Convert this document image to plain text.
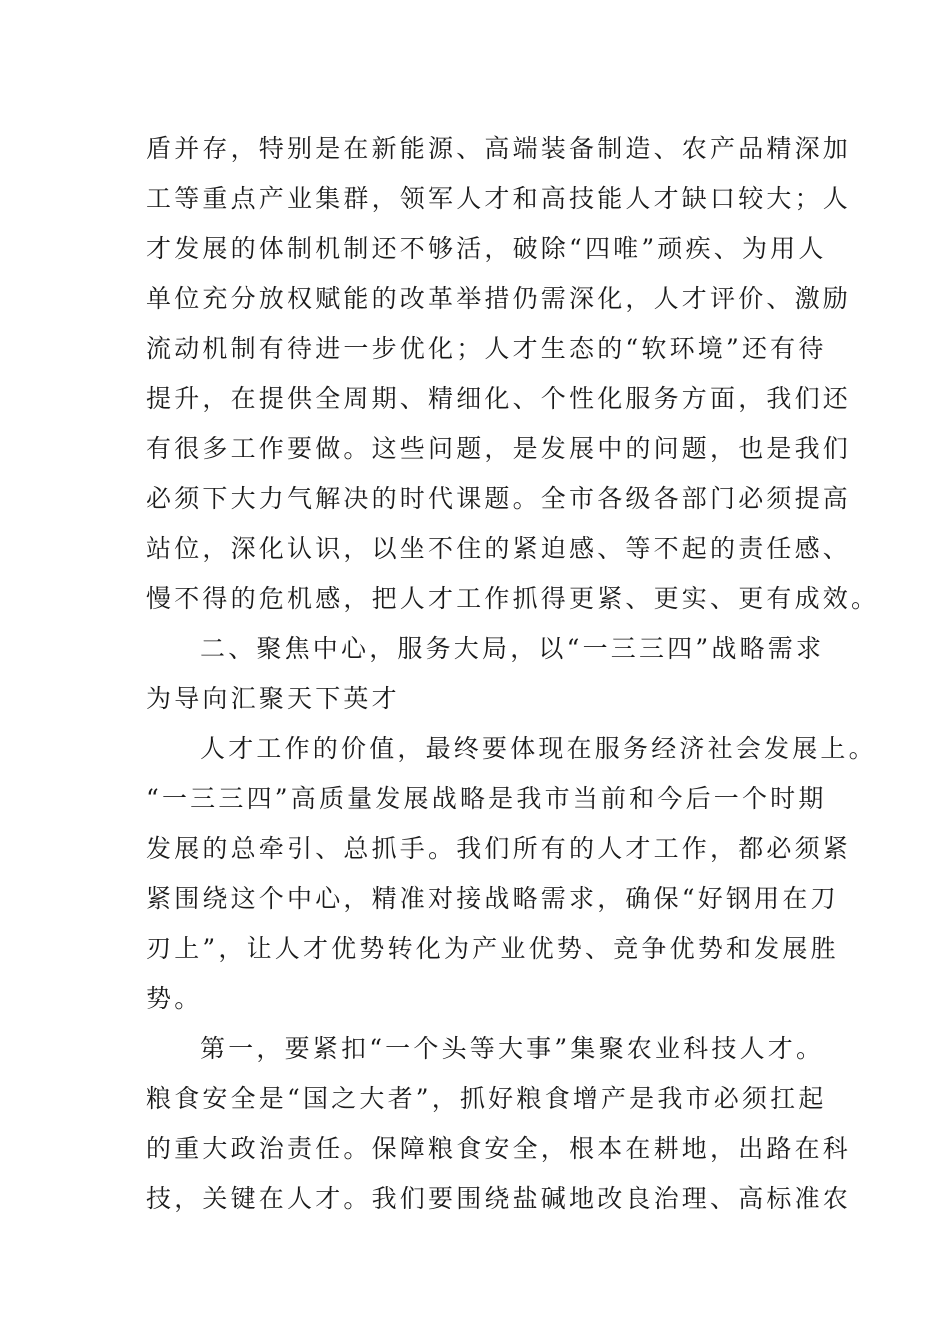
盾并存，特别是在新能源、高端装备制造、农产品精深加
工等重点产业集群，领军人才和高技能人才缺口较大；人
才发展的体制机制还不够活，破除“四唯”顽疾、为用人
单位充分放权赋能的改革举措仍需深化，人才评价、激励
流动机制有待进一步优化；人才生态的“软环境”还有待
提升，在提供全周期、精细化、个性化服务方面，我们还
有很多工作要做。这些问题，是发展中的问题，也是我们
必须下大力气解决的时代课题。全市各级各部门必须提高
站位，深化认识，以坐不住的紧迫感、等不起的责任感、
慢不得的危机感，把人才工作抓得更紧、更实、更有成效。
二、聚焦中心，服务大局，以“一三三四”战略需求
为导向汇聚天下英才
人才工作的价值，最终要体现在服务经济社会发展上。
“一三三四”高质量发展战略是我市当前和今后一个时期
发展的总牵引、总抓手。我们所有的人才工作，都必须紧
紧围绕这个中心，精准对接战略需求，确保“好钢用在刀
刃上”，让人才优势转化为产业优势、竞争优势和发展胜
势。
第一，要紧扣“一个头等大事”集聚农业科技人才。
粮食安全是“国之大者”，抓好粮食增产是我市必须扛起
的重大政治责任。保障粮食安全，根本在耕地，出路在科
技，关键在人才。我们要围绕盐碱地改良治理、高标准农
